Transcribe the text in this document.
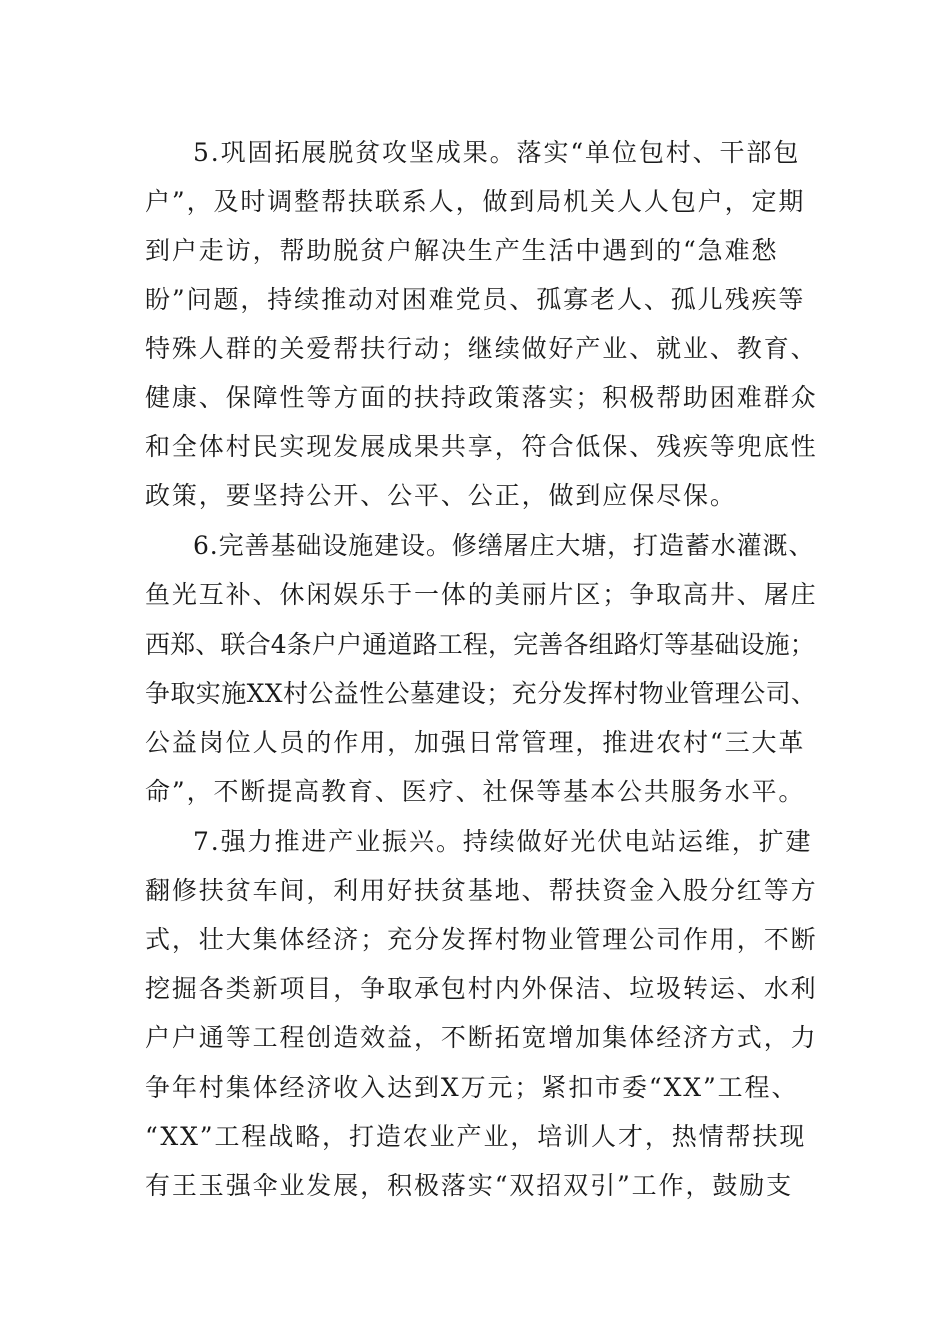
5.巩固拓展脱贫攻坚成果。落实“单位包村、干部包
户”，及时调整帮扶联系人，做到局机关人人包户，定期
到户走访，帮助脱贫户解决生产生活中遇到的“急难愁
盼”问题，持续推动对困难党员、孤寡老人、孤儿残疾等
特殊人群的关爱帮扶行动；继续做好产业、就业、教育、
健康、保障性等方面的扶持政策落实；积极帮助困难群众
和全体村民实现发展成果共享，符合低保、残疾等兜底性
政策，要坚持公开、公平、公正，做到应保尽保。
6.完善基础设施建设。修缮屠庄大塘，打造蓄水灌溉、
鱼光互补、休闲娱乐于一体的美丽片区；争取高井、屠庄
西郑、联合4条户户通道路工程，完善各组路灯等基础设施；
争取实施XX村公益性公墓建设；充分发挥村物业管理公司、
公益岗位人员的作用，加强日常管理，推进农村“三大革
命”，不断提高教育、医疗、社保等基本公共服务水平。
7.强力推进产业振兴。持续做好光伏电站运维，扩建
翻修扶贫车间，利用好扶贫基地、帮扶资金入股分红等方
式，壮大集体经济；充分发挥村物业管理公司作用，不断
挖掘各类新项目，争取承包村内外保洁、垃圾转运、水利
户户通等工程创造效益，不断拓宽增加集体经济方式，力
争年村集体经济收入达到X万元；紧扣市委“XX”工程、
“XX”工程战略，打造农业产业，培训人才，热情帮扶现
有王玉强伞业发展，积极落实“双招双引”工作，鼓励支
